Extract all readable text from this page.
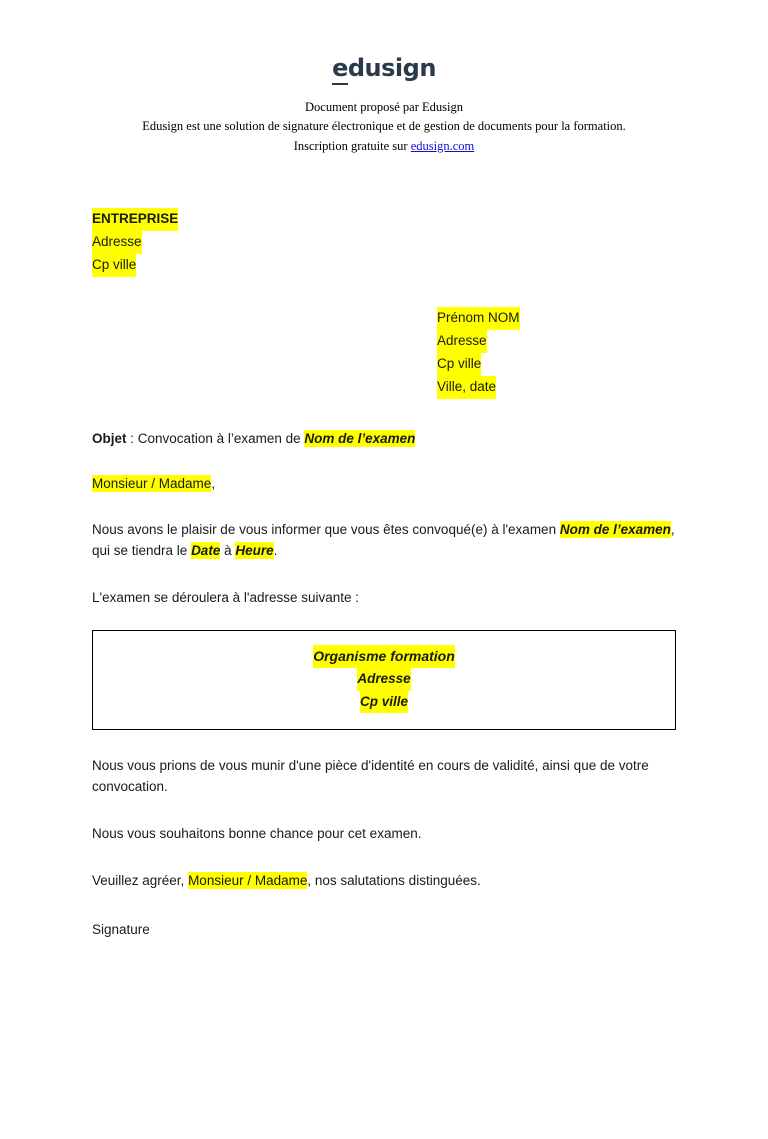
edusign
Document proposé par Edusign
Edusign est une solution de signature électronique et de gestion de documents pour la formation.
Inscription gratuite sur edusign.com
ENTREPRISE
Adresse
Cp ville
Prénom NOM
Adresse
Cp ville
Ville, date
Objet : Convocation à l’examen de Nom de l’examen
Monsieur / Madame,
Nous avons le plaisir de vous informer que vous êtes convoqué(e) à l'examen Nom de l’examen, qui se tiendra le Date à Heure.
L'examen se déroulera à l'adresse suivante :
Organisme formation
Adresse
Cp ville
Nous vous prions de vous munir d'une pièce d'identité en cours de validité, ainsi que de votre convocation.
Nous vous souhaitons bonne chance pour cet examen.
Veuillez agréer, Monsieur / Madame, nos salutations distinguées.
Signature
